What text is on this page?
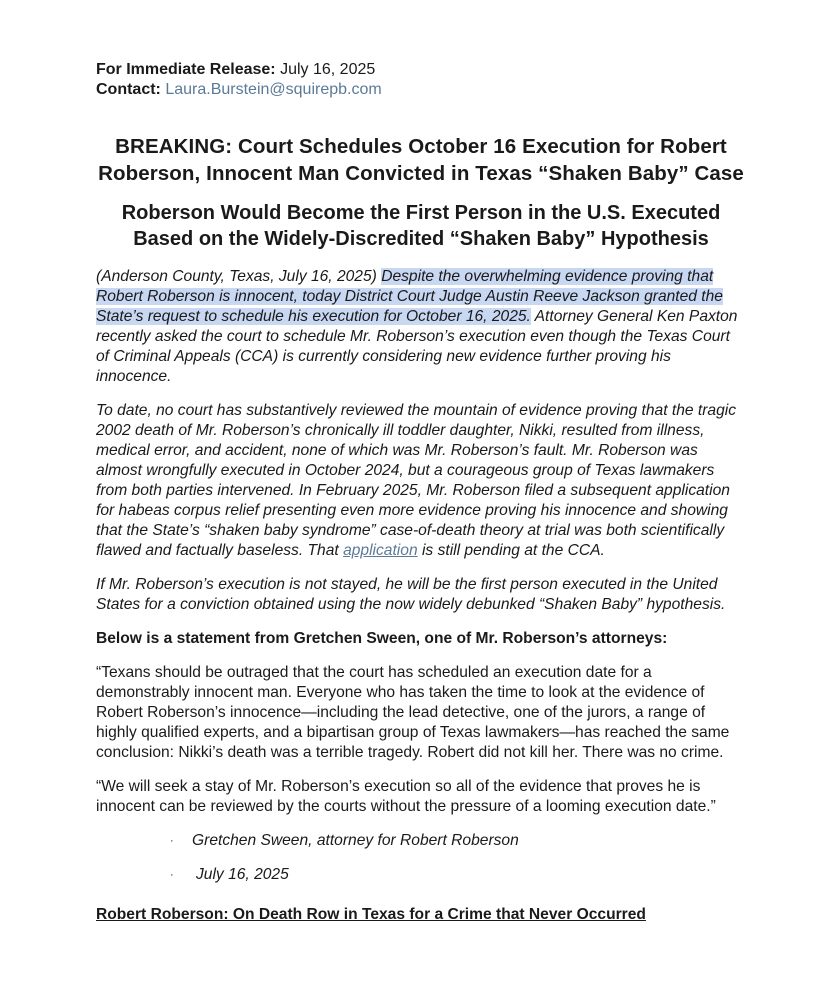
For Immediate Release: July 16, 2025
Contact: Laura.Burstein@squirepb.com
BREAKING: Court Schedules October 16 Execution for Robert Roberson, Innocent Man Convicted in Texas “Shaken Baby” Case
Roberson Would Become the First Person in the U.S. Executed Based on the Widely-Discredited “Shaken Baby” Hypothesis

(Anderson County, Texas, July 16, 2025) Despite the overwhelming evidence proving that Robert Roberson is innocent, today District Court Judge Austin Reeve Jackson granted the State’s request to schedule his execution for October 16, 2025. Attorney General Ken Paxton recently asked the court to schedule Mr. Roberson’s execution even though the Texas Court of Criminal Appeals (CCA) is currently considering new evidence further proving his innocence.

To date, no court has substantively reviewed the mountain of evidence proving that the tragic 2002 death of Mr. Roberson’s chronically ill toddler daughter, Nikki, resulted from illness, medical error, and accident, none of which was Mr. Roberson’s fault. Mr. Roberson was almost wrongfully executed in October 2024, but a courageous group of Texas lawmakers from both parties intervened. In February 2025, Mr. Roberson filed a subsequent application for habeas corpus relief presenting even more evidence proving his innocence and showing that the State’s “shaken baby syndrome” case-of-death theory at trial was both scientifically flawed and factually baseless. That application is still pending at the CCA.

If Mr. Roberson’s execution is not stayed, he will be the first person executed in the United States for a conviction obtained using the now widely debunked “Shaken Baby” hypothesis.

Below is a statement from Gretchen Sween, one of Mr. Roberson’s attorneys:

“Texans should be outraged that the court has scheduled an execution date for a demonstrably innocent man. Everyone who has taken the time to look at the evidence of Robert Roberson’s innocence—including the lead detective, one of the jurors, a range of highly qualified experts, and a bipartisan group of Texas lawmakers—has reached the same conclusion: Nikki’s death was a terrible tragedy. Robert did not kill her. There was no crime.

“We will seek a stay of Mr. Roberson’s execution so all of the evidence that proves he is innocent can be reviewed by the courts without the pressure of a looming execution date.”

· Gretchen Sween, attorney for Robert Roberson
· July 16, 2025
Robert Roberson: On Death Row in Texas for a Crime that Never Occurred
